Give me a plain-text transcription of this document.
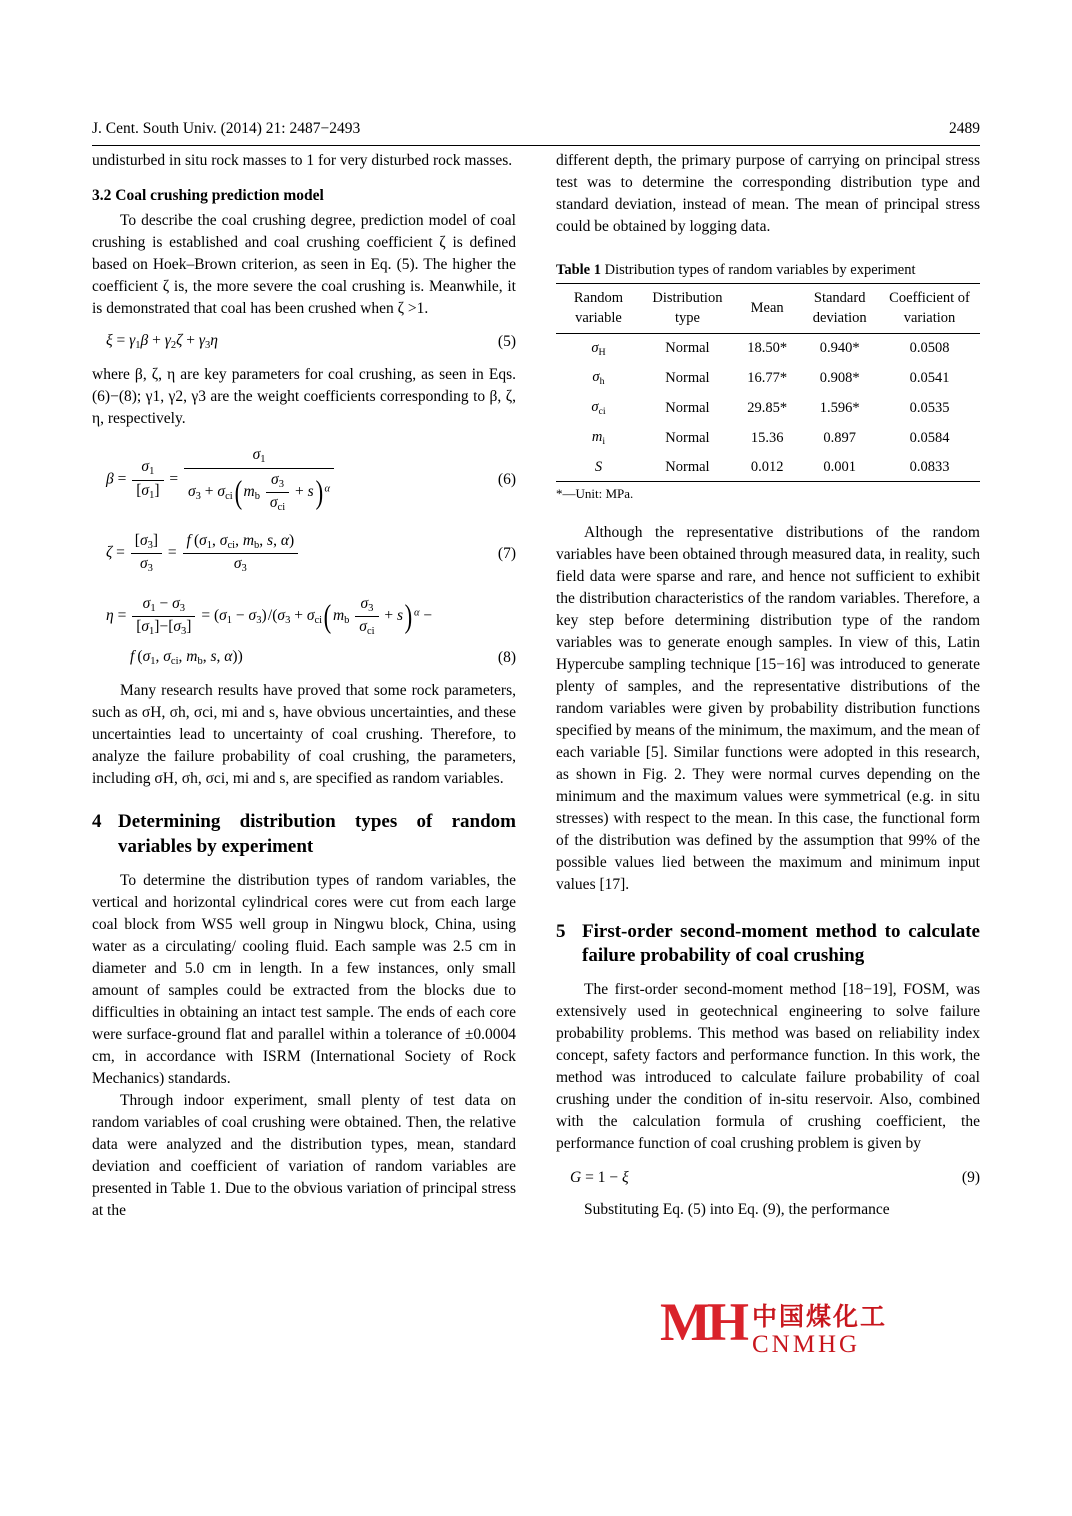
J. Cent. South Univ. (2014) 21: 2487−2493	2489

undisturbed in situ rock masses to 1 for very disturbed rock masses.

3.2 Coal crushing prediction model

To describe the coal crushing degree, prediction model of coal crushing is established and coal crushing coefficient ζ is defined based on Hoek–Brown criterion, as seen in Eq. (5). The higher the coefficient ζ is, the more severe the coal crushing is. Meanwhile, it is demonstrated that coal has been crushed when ζ >1.

$\xi = \gamma_1\beta + \gamma_2\zeta + \gamma_3\eta$	(5)

where β, ζ, η are key parameters for coal crushing, as seen in Eqs. (6)−(8); γ1, γ2, γ3 are the weight coefficients corresponding to β, ζ, η, respectively.

$\beta = \frac{\sigma_1}{[\sigma_1]} = \frac{\sigma_1}{\sigma_3 + \sigma_{ci}( m_b \frac{\sigma_3}{\sigma_{ci}} + s) ^\alpha}$	(6)
$\zeta = \frac{[\sigma_3]}{\sigma_3} = \frac{f (\sigma_1, \sigma_{ci}, m_b, s, \alpha)}{\sigma_3}$	(7)
$\eta = \frac{\sigma_1 - \sigma_3}{[\sigma_1]-[\sigma_3]} = (\sigma_1 - \sigma_3)$ $/(\sigma_3 + \sigma_{ci}$( $m_b \frac{\sigma_3}{\sigma_{ci}} + s$) $^\alpha$ −
f ($\sigma_1$, $\sigma_{ci}$, $m_b$, s, α))	(8)

Many research results have proved that some rock parameters, such as σH, σh, σci, mi and s, have obvious uncertainties, and these uncertainties lead to uncertainty of coal crushing. Therefore, to analyze the failure probability of coal crushing, the parameters, including σH, σh, σci, mi and s, are specified as random variables.

4 Determining distribution types of random variables by experiment

To determine the distribution types of random variables, the vertical and horizontal cylindrical cores were cut from each large coal block from WS5 well group in Ningwu block, China, using water as a circulating/ cooling fluid. Each sample was 2.5 cm in diameter and 5.0 cm in length. In a few instances, only small amount of samples could be extracted from the blocks due to difficulties in obtaining an intact test sample. The ends of each core were surface-ground flat and parallel within a tolerance of ±0.0004 cm, in accordance with ISRM (International Society of Rock Mechanics) standards.

Through indoor experiment, small plenty of test data on random variables of coal crushing were obtained. Then, the relative data were analyzed and the distribution types, mean, standard deviation and coefficient of variation of random variables are presented in Table 1. Due to the obvious variation of principal stress at the

different depth, the primary purpose of carrying on principal stress test was to determine the corresponding distribution type and standard deviation, instead of mean. The mean of principal stress could be obtained by logging data.

Table 1 Distribution types of random variables by experiment
Random variable	Distribution type	Mean	Standard deviation	Coefficient of variation

$\sigma_H$	Normal	18.50*	0.940*	0.0508
$\sigma_h$	Normal	16.77*	0.908*	0.0541
$\sigma_{ci}$	Normal	29.85*	1.596*	0.0535
$m_i$	Normal	15.36	0.897	0.0584
S	Normal	0.012	0.001	0.0833
*—Unit: MPa.

Although the representative distributions of the random variables have been obtained through measured data, in reality, such field data were sparse and rare, and hence not sufficient to exhibit the distribution characteristics of the random variables. Therefore, a key step before determining distribution type of the random variables was to generate enough samples. In view of this, Latin Hypercube sampling technique [15−16] was introduced to generate plenty of samples, and the representative distributions of the random variables were given by probability distribution functions specified by means of the minimum, the maximum, and the mean of each variable [5]. Similar functions were adopted in this research, as shown in Fig. 2. They were normal curves depending on the minimum and the maximum values were symmetrical (e.g. in situ stresses) with respect to the mean. In this case, the functional form of the distribution was defined by the assumption that 99% of the possible values lied between the maximum and minimum input values [17].

5 First-order second-moment method to calculate failure probability of coal crushing

The first-order second-moment method [18−19], FOSM, was extensively used in geotechnical engineering to solve failure probability problems. This method was based on reliability index concept, safety factors and performance function. In this work, the method was introduced to calculate failure probability of coal crushing under the condition of in-situ reservoir. Also, combined with the calculation formula of crushing coefficient, the performance function of coal crushing problem is given by

G = 1 − ξ	(9)

Substituting Eq. (5) into Eq. (9), the performance

MH 中国煤化工
CNMHG
